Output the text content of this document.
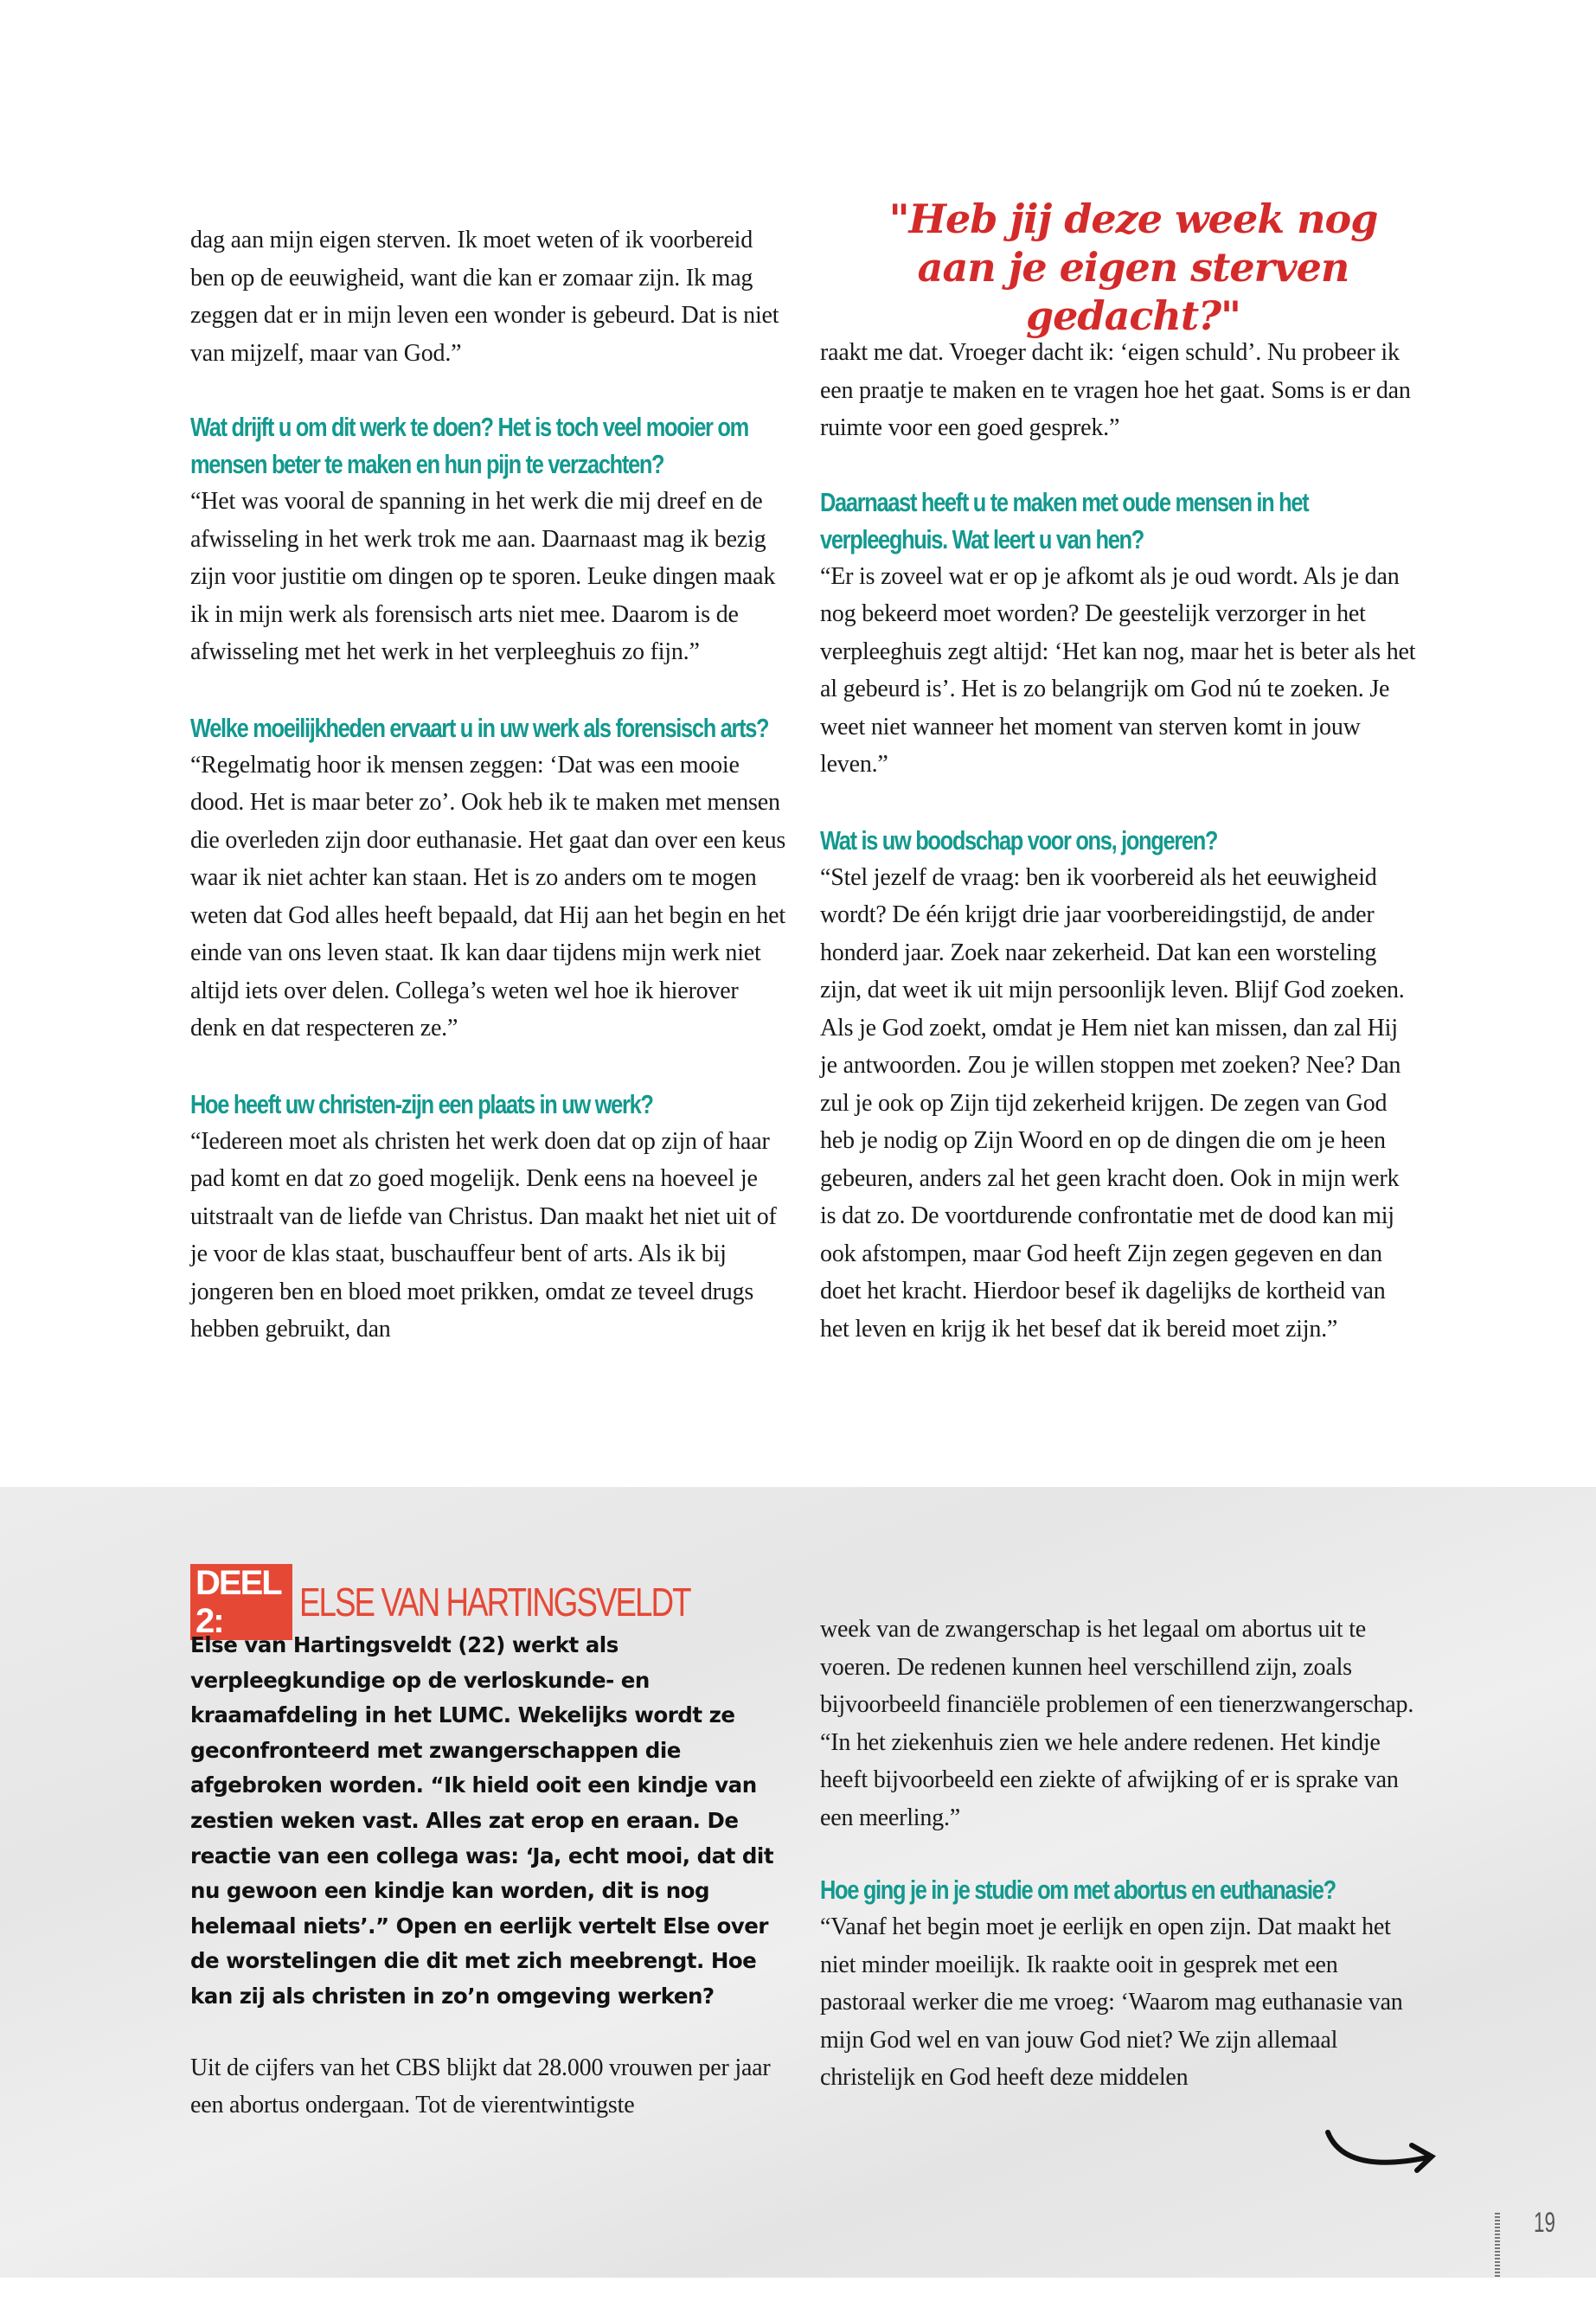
dag aan mijn eigen sterven. Ik moet weten of ik voorbereid ben op de eeuwigheid, want die kan er zomaar zijn. Ik mag zeggen dat er in mijn leven een wonder is gebeurd. Dat is niet van mijzelf, maar van God.”

Wat drijft u om dit werk te doen? Het is toch veel mooier om mensen beter te maken en hun pijn te verzachten?

“Het was vooral de spanning in het werk die mij dreef en de afwisseling in het werk trok me aan. Daarnaast mag ik bezig zijn voor justitie om dingen op te sporen. Leuke dingen maak ik in mijn werk als forensisch arts niet mee. Daarom is de afwisseling met het werk in het verpleeghuis zo fijn.”

Welke moeilijkheden ervaart u in uw werk als forensisch arts?

“Regelmatig hoor ik mensen zeggen: ‘Dat was een mooie dood. Het is maar beter zo’. Ook heb ik te maken met mensen die overleden zijn door euthanasie. Het gaat dan over een keus waar ik niet achter kan staan. Het is zo anders om te mogen weten dat God alles heeft bepaald, dat Hij aan het begin en het einde van ons leven staat. Ik kan daar tijdens mijn werk niet altijd iets over delen. Collega’s weten wel hoe ik hierover denk en dat respecteren ze.”

Hoe heeft uw christen-zijn een plaats in uw werk?

“Iedereen moet als christen het werk doen dat op zijn of haar pad komt en dat zo goed mogelijk. Denk eens na hoeveel je uitstraalt van de liefde van Christus. Dan maakt het niet uit of je voor de klas staat, buschauffeur bent of arts. Als ik bij jongeren ben en bloed moet prikken, omdat ze teveel drugs hebben gebruikt, dan

"Heb jij deze week nog aan je eigen sterven gedacht?"

raakt me dat. Vroeger dacht ik: ‘eigen schuld’. Nu probeer ik een praatje te maken en te vragen hoe het gaat. Soms is er dan ruimte voor een goed gesprek.”

Daarnaast heeft u te maken met oude mensen in het verpleeghuis. Wat leert u van hen?

“Er is zoveel wat er op je afkomt als je oud wordt. Als je dan nog bekeerd moet worden? De geestelijk verzorger in het verpleeghuis zegt altijd: ‘Het kan nog, maar het is beter als het al gebeurd is’. Het is zo belangrijk om God nú te zoeken. Je weet niet wanneer het moment van sterven komt in jouw leven.”

Wat is uw boodschap voor ons, jongeren?

“Stel jezelf de vraag: ben ik voorbereid als het eeuwigheid wordt? De één krijgt drie jaar voorbereidingstijd, de ander honderd jaar. Zoek naar zekerheid. Dat kan een worsteling zijn, dat weet ik uit mijn persoonlijk leven. Blijf God zoeken. Als je God zoekt, omdat je Hem niet kan missen, dan zal Hij je antwoorden. Zou je willen stoppen met zoeken? Nee? Dan zul je ook op Zijn tijd zekerheid krijgen. De zegen van God heb je nodig op Zijn Woord en op de dingen die om je heen gebeuren, anders zal het geen kracht doen. Ook in mijn werk is dat zo. De voortdurende confrontatie met de dood kan mij ook afstompen, maar God heeft Zijn zegen gegeven en dan doet het kracht. Hierdoor besef ik dagelijks de kortheid van het leven en krijg ik het besef dat ik bereid moet zijn.”

DEEL 2:	ELSE VAN HARTINGSVELDT

Else van Hartingsveldt (22) werkt als verpleegkundige op de verloskunde- en kraamafdeling in het LUMC. Wekelijks wordt ze geconfronteerd met zwangerschappen die afgebroken worden. “Ik hield ooit een kindje van zestien weken vast. Alles zat erop en eraan. De reactie van een collega was: ‘Ja, echt mooi, dat dit nu gewoon een kindje kan worden, dit is nog helemaal niets’.” Open en eerlijk vertelt Else over de worstelingen die dit met zich meebrengt. Hoe kan zij als christen in zo’n omgeving werken?

Uit de cijfers van het CBS blijkt dat 28.000 vrouwen per jaar een abortus ondergaan. Tot de vierentwintigste

week van de zwangerschap is het legaal om abortus uit te voeren. De redenen kunnen heel verschillend zijn, zoals bijvoorbeeld financiële problemen of een tienerzwangerschap. “In het ziekenhuis zien we hele andere redenen. Het kindje heeft bijvoorbeeld een ziekte of afwijking of er is sprake van een meerling.”

Hoe ging je in je studie om met abortus en euthanasie?

“Vanaf het begin moet je eerlijk en open zijn. Dat maakt het niet minder moeilijk. Ik raakte ooit in gesprek met een pastoraal werker die me vroeg: ‘Waarom mag euthanasie van mijn God wel en van jouw God niet? We zijn allemaal christelijk en God heeft deze middelen

19
